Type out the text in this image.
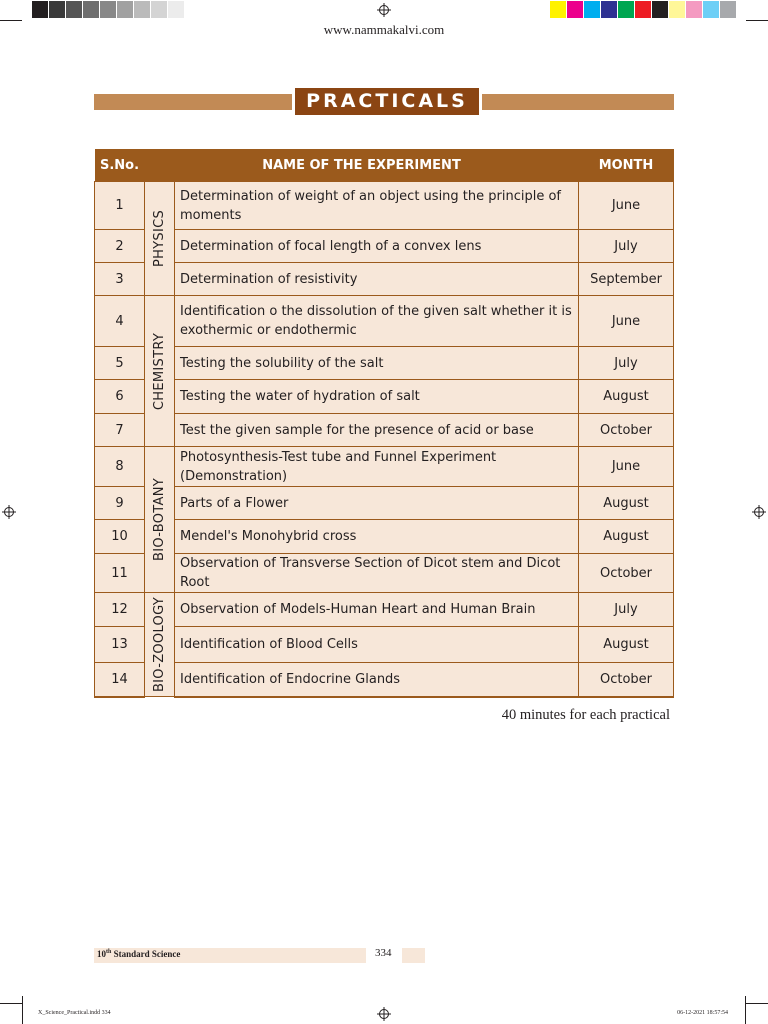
www.nammakalvi.com
PRACTICALS
S.No.	NAME OF THE EXPERIMENT		MONTH
1	PHYSICS	Determination of weight of an object using the principle of moments	June
2		Determination of focal length of a convex lens	July
3		Determination of resistivity	September
4	CHEMISTRY	Identification o the dissolution of the given salt whether it is exothermic or endothermic	June
5		Testing the solubility of the salt	July
6		Testing the water of hydration of salt	August
7		Test the given sample for the presence of acid or base	October
8	BIO-BOTANY	Photosynthesis-Test tube and Funnel Experiment (Demonstration)	June
9		Parts of a Flower	August
10		Mendel's Monohybrid cross	August
11		Observation of Transverse Section of Dicot stem and Dicot Root	October
12	BIO-ZOOLOGY	Observation of Models-Human Heart and Human Brain	July
13		Identification of Blood Cells	August
14		Identification of Endocrine Glands	October
40 minutes for each practical
10th Standard Science	334
X_Science_Practical.indd 334	06-12-2021 18:57:54
